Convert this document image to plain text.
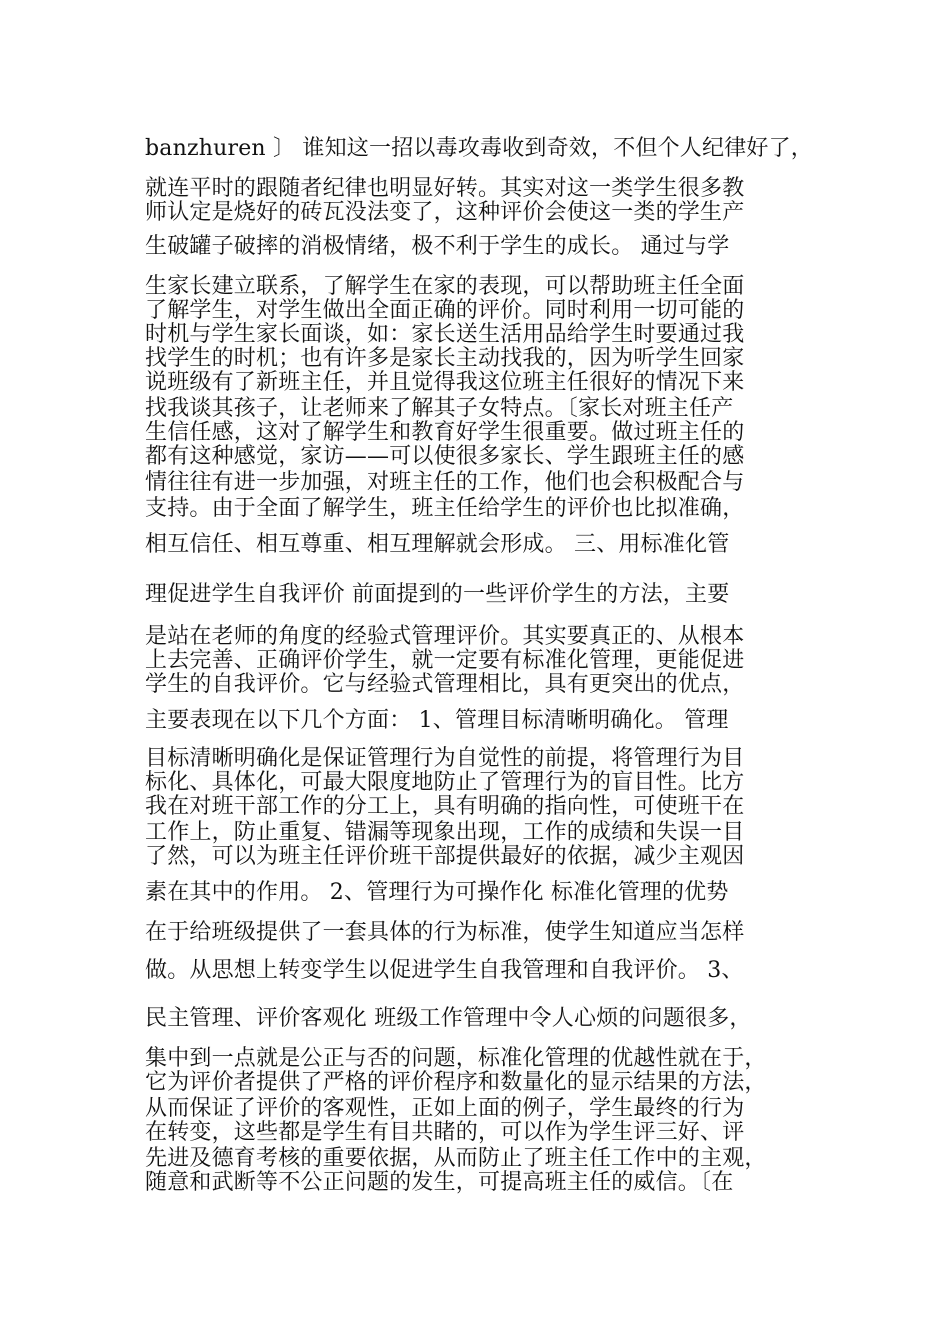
banzhuren 〕 谁知这一招以毒攻毒收到奇效，不但个人纪律好了，
就连平时的跟随者纪律也明显好转。其实对这一类学生很多教
师认定是烧好的砖瓦没法变了，这种评价会使这一类的学生产
生破罐子破摔的消极情绪，极不利于学生的成长。 通过与学
生家长建立联系，了解学生在家的表现，可以帮助班主任全面
了解学生，对学生做出全面正确的评价。同时利用一切可能的
时机与学生家长面谈，如：家长送生活用品给学生时要通过我
找学生的时机；也有许多是家长主动找我的，因为听学生回家
说班级有了新班主任，并且觉得我这位班主任很好的情况下来
找我谈其孩子，让老师来了解其子女特点。〔家长对班主任产
生信任感，这对了解学生和教育好学生很重要。做过班主任的
都有这种感觉，家访——可以使很多家长、学生跟班主任的感
情往往有进一步加强，对班主任的工作，他们也会积极配合与
支持。由于全面了解学生，班主任给学生的评价也比拟准确，
相互信任、相互尊重、相互理解就会形成。 三、用标准化管
理促进学生自我评价 前面提到的一些评价学生的方法，主要
是站在老师的角度的经验式管理评价。其实要真正的、从根本
上去完善、正确评价学生，就一定要有标准化管理，更能促进
学生的自我评价。它与经验式管理相比，具有更突出的优点，
主要表现在以下几个方面： 1、管理目标清晰明确化。 管理
目标清晰明确化是保证管理行为自觉性的前提，将管理行为目
标化、具体化，可最大限度地防止了管理行为的盲目性。比方
我在对班干部工作的分工上，具有明确的指向性，可使班干在
工作上，防止重复、错漏等现象出现，工作的成绩和失误一目
了然，可以为班主任评价班干部提供最好的依据，减少主观因
素在其中的作用。 2、管理行为可操作化 标准化管理的优势
在于给班级提供了一套具体的行为标准，使学生知道应当怎样
做。从思想上转变学生以促进学生自我管理和自我评价。 3、
民主管理、评价客观化 班级工作管理中令人心烦的问题很多，
集中到一点就是公正与否的问题，标准化管理的优越性就在于，
它为评价者提供了严格的评价程序和数量化的显示结果的方法，
从而保证了评价的客观性，正如上面的例子，学生最终的行为
在转变，这些都是学生有目共睹的，可以作为学生评三好、评
先进及德育考核的重要依据，从而防止了班主任工作中的主观，
随意和武断等不公正问题的发生，可提高班主任的威信。〔在
